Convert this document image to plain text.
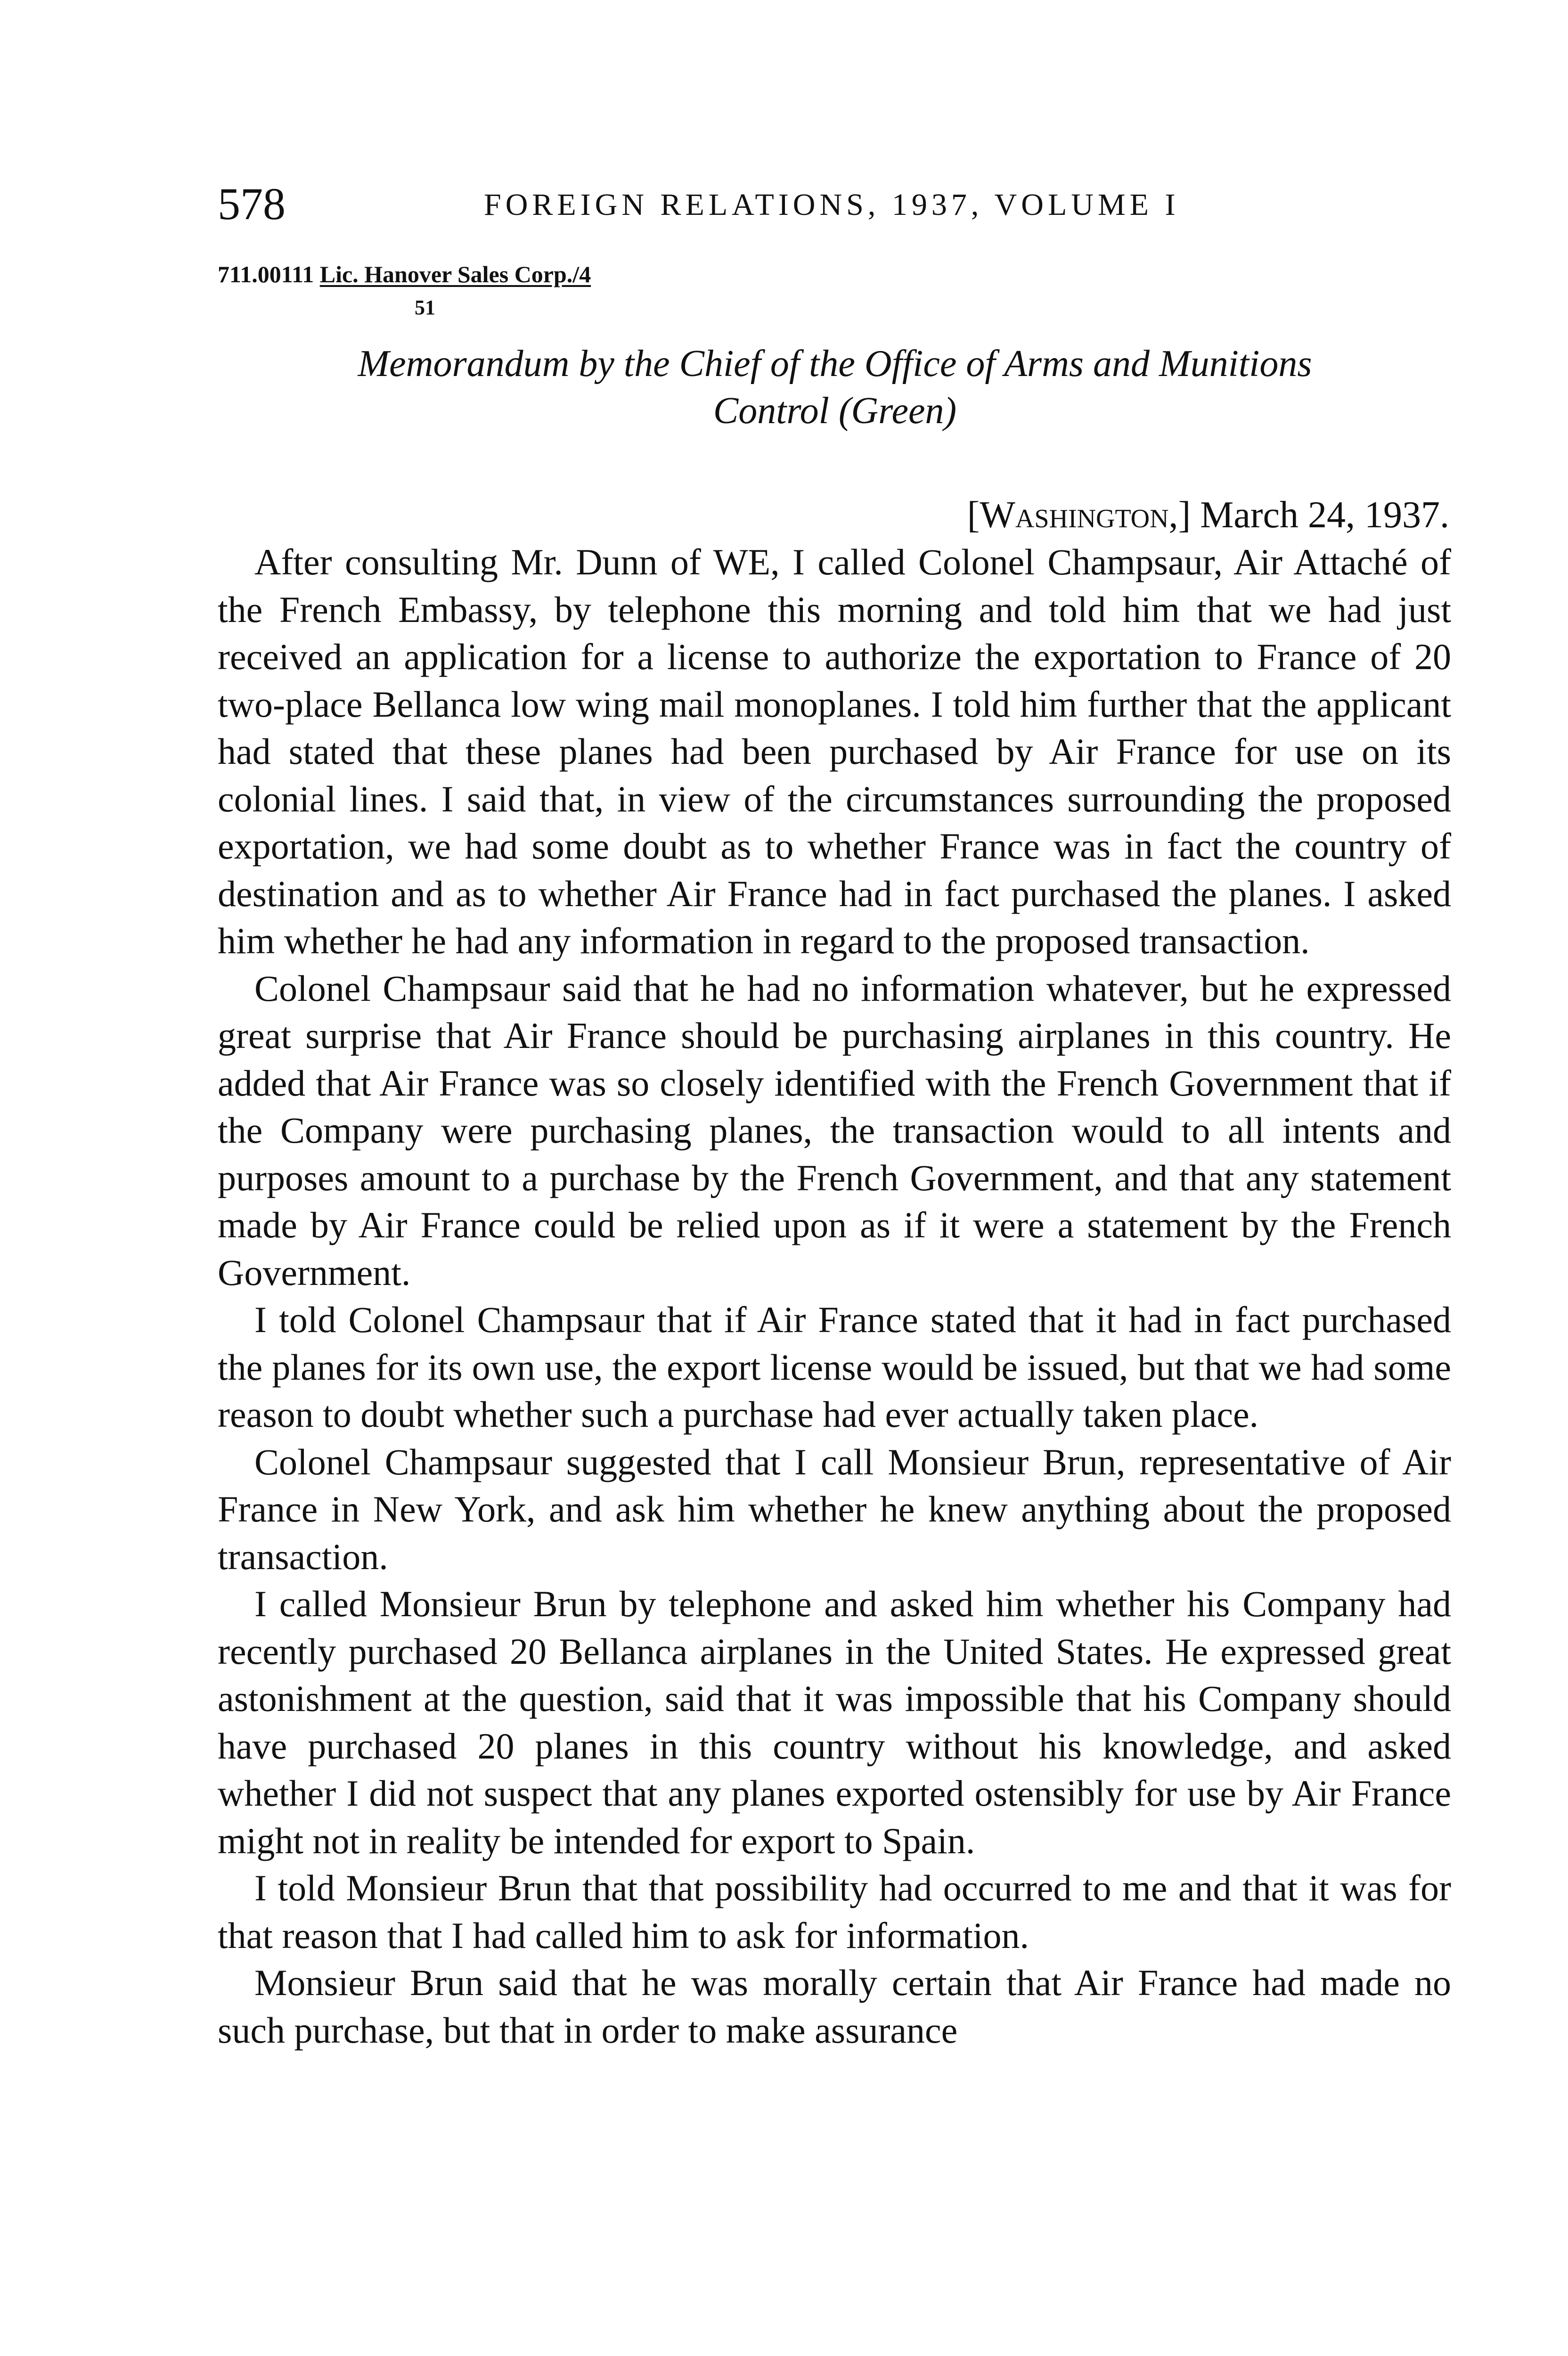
578	FOREIGN RELATIONS, 1937, VOLUME I
711.00111 Lic. Hanover Sales Corp./4
51
Memorandum by the Chief of the Office of Arms and Munitions
Control (Green)
[Washington,] March 24, 1937.

After consulting Mr. Dunn of WE, I called Colonel Champsaur, Air Attaché of the French Embassy, by telephone this morning and told him that we had just received an application for a license to authorize the exportation to France of 20 two-place Bellanca low wing mail monoplanes. I told him further that the applicant had stated that these planes had been purchased by Air France for use on its colonial lines. I said that, in view of the circumstances surrounding the proposed exportation, we had some doubt as to whether France was in fact the country of destination and as to whether Air France had in fact purchased the planes. I asked him whether he had any information in regard to the proposed transaction.

Colonel Champsaur said that he had no information whatever, but he expressed great surprise that Air France should be purchasing airplanes in this country. He added that Air France was so closely identified with the French Government that if the Company were purchasing planes, the transaction would to all intents and purposes amount to a purchase by the French Government, and that any statement made by Air France could be relied upon as if it were a statement by the French Government.

I told Colonel Champsaur that if Air France stated that it had in fact purchased the planes for its own use, the export license would be issued, but that we had some reason to doubt whether such a purchase had ever actually taken place.

Colonel Champsaur suggested that I call Monsieur Brun, representative of Air France in New York, and ask him whether he knew anything about the proposed transaction.

I called Monsieur Brun by telephone and asked him whether his Company had recently purchased 20 Bellanca airplanes in the United States. He expressed great astonishment at the question, said that it was impossible that his Company should have purchased 20 planes in this country without his knowledge, and asked whether I did not suspect that any planes exported ostensibly for use by Air France might not in reality be intended for export to Spain.

I told Monsieur Brun that that possibility had occurred to me and that it was for that reason that I had called him to ask for information.

Monsieur Brun said that he was morally certain that Air France had made no such purchase, but that in order to make assurance
